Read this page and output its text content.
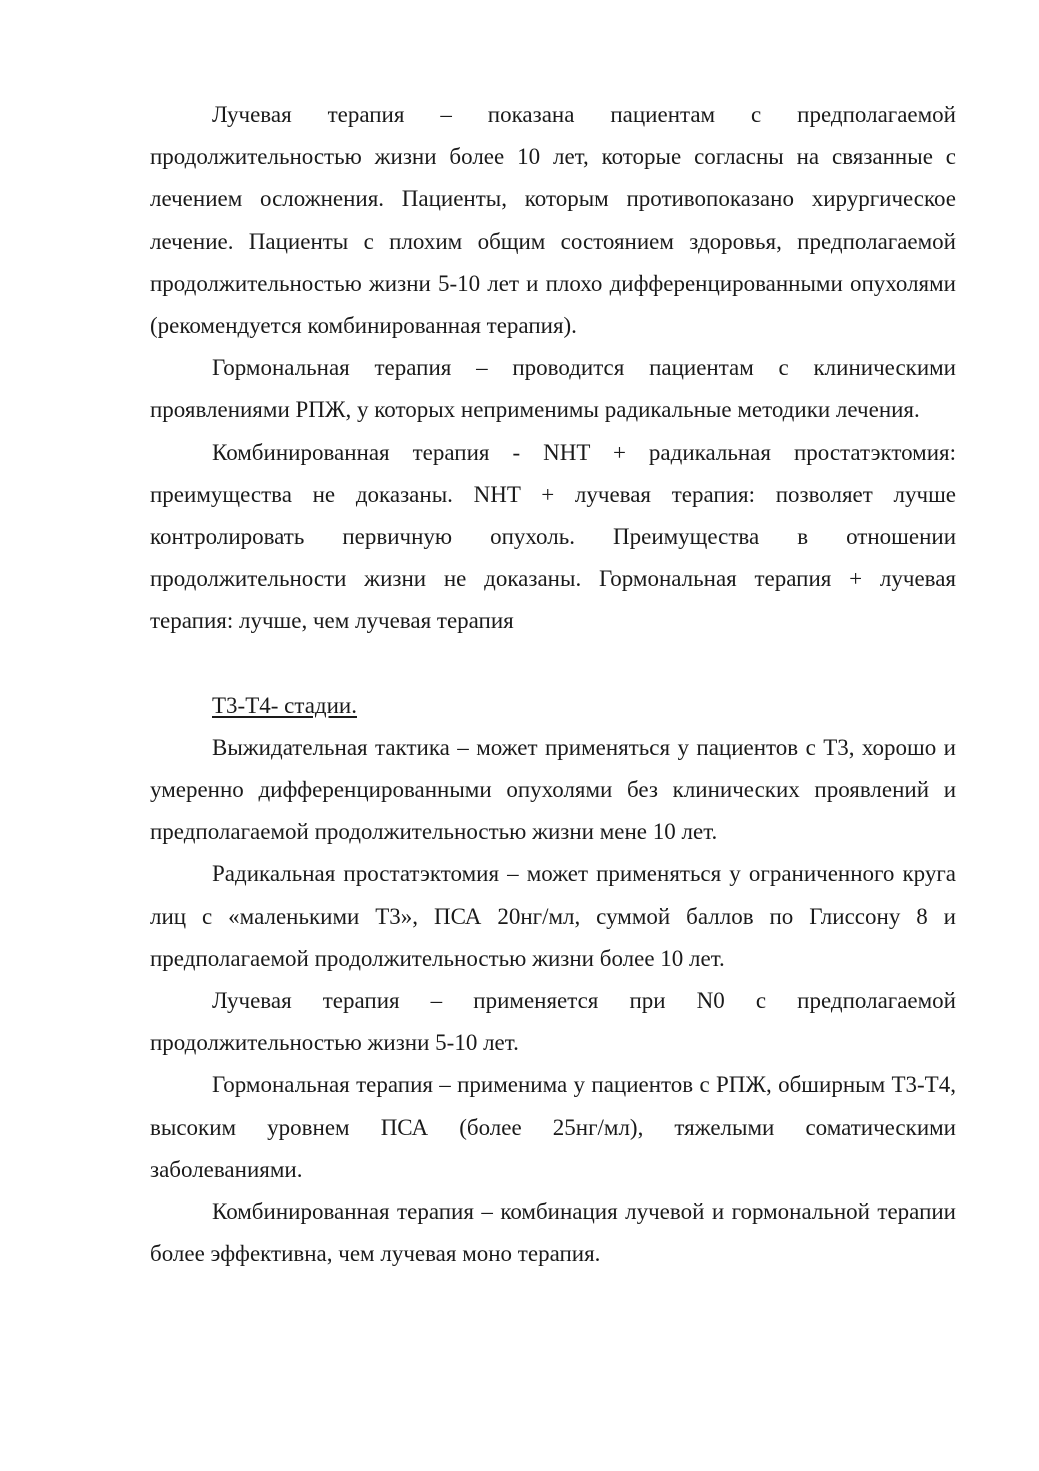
Лучевая терапия – показана пациентам с предполагаемой продолжительностью жизни более 10 лет, которые согласны на связанные с лечением осложнения. Пациенты, которым противопоказано хирургическое лечение. Пациенты с плохим общим состоянием здоровья, предполагаемой продолжительностью жизни 5-10 лет и плохо дифференцированными опухолями (рекомендуется комбинированная терапия).

Гормональная терапия – проводится пациентам с клиническими проявлениями РПЖ, у которых неприменимы радикальные методики лечения.

Комбинированная терапия - NHT + радикальная простатэктомия: преимущества не доказаны. NHT + лучевая терапия: позволяет лучше контролировать первичную опухоль. Преимущества в отношении продолжительности жизни не доказаны. Гормональная терапия + лучевая терапия: лучше, чем лучевая терапия

Т3-Т4- стадии.

Выжидательная тактика – может применяться у пациентов с Т3, хорошо и умеренно дифференцированными опухолями без клинических проявлений и предполагаемой продолжительностью жизни мене 10 лет.

Радикальная простатэктомия – может применяться у ограниченного круга лиц с «маленькими Т3», ПСА 20нг/мл, суммой баллов по Глиссону 8 и предполагаемой продолжительностью жизни более 10 лет.

Лучевая терапия – применяется при N0 с предполагаемой продолжительностью жизни 5-10 лет.

Гормональная терапия – применима у пациентов с РПЖ, обширным Т3-Т4, высоким уровнем ПСА (более 25нг/мл), тяжелыми соматическими заболеваниями.

Комбинированная терапия – комбинация лучевой и гормональной терапии более эффективна, чем лучевая моно терапия.
